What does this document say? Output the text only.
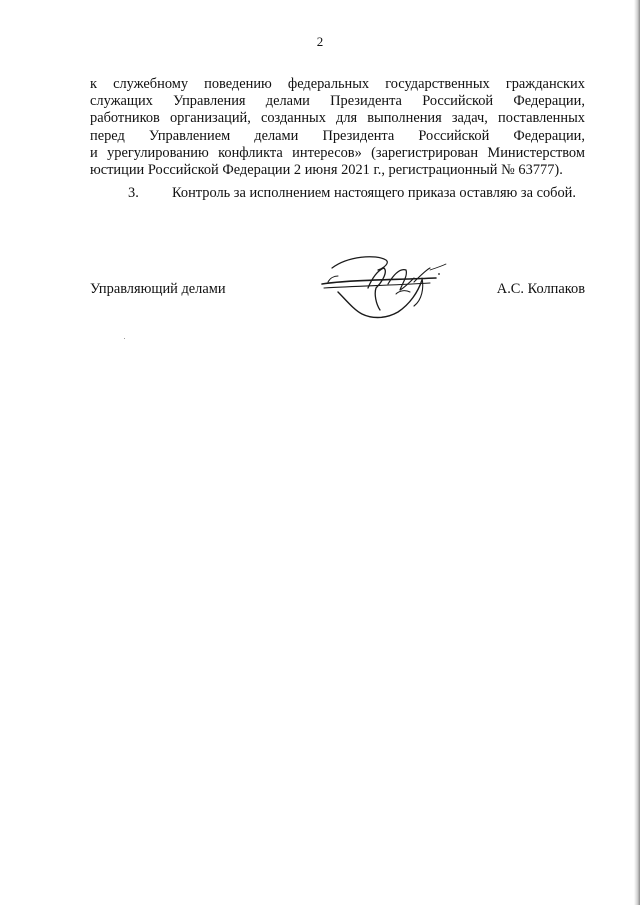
2
к служебному поведению федеральных государственных гражданских
служащих Управления делами Президента Российской Федерации,
работников организаций, созданных для выполнения задач, поставленных
перед Управлением делами Президента Российской Федерации,
и урегулированию конфликта интересов» (зарегистрирован Министерством
юстиции Российской Федерации 2 июня 2021 г., регистрационный № 63777).
3. Контроль за исполнением настоящего приказа оставляю за собой.
Управляющий делами	А.С. Колпаков
